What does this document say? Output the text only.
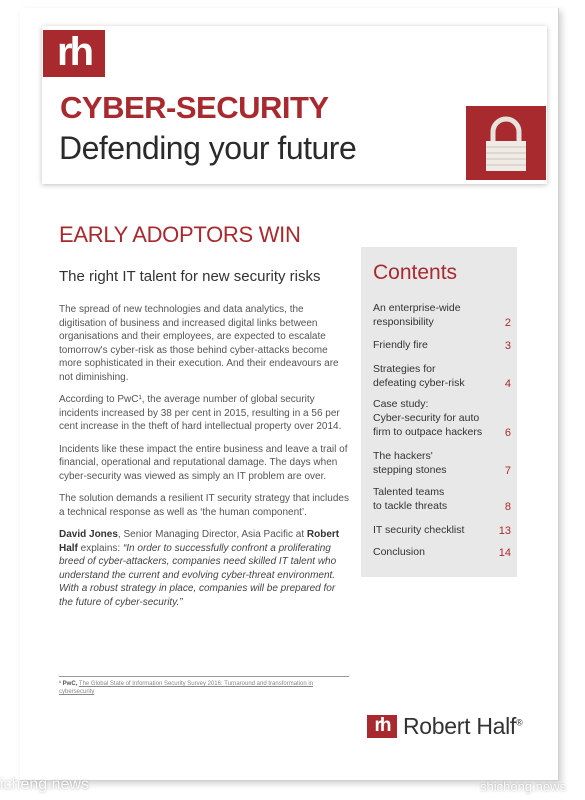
rh
CYBER-SECURITY
Defending your future
EARLY ADOPTORS WIN
The right IT talent for new security risks

The spread of new technologies and data analytics, the digitisation of business and increased digital links between organisations and their employees, are expected to escalate tomorrow's cyber-risk as those behind cyber-attacks become more sophisticated in their execution. And their endeavours are not diminishing.

According to PwC¹, the average number of global security incidents increased by 38 per cent in 2015, resulting in a 56 per cent increase in the theft of hard intellectual property over 2014.

Incidents like these impact the entire business and leave a trail of financial, operational and reputational damage. The days when cyber-security was viewed as simply an IT problem are over.

The solution demands a resilient IT security strategy that includes a technical response as well as ‘the human component’.

David Jones, Senior Managing Director, Asia Pacific at Robert Half explains: “In order to successfully confront a proliferating breed of cyber-attackers, companies need skilled IT talent who understand the current and evolving cyber-threat environment. With a robust strategy in place, companies will be prepared for the future of cyber-security.”

¹ PwC, The Global State of Information Security Survey 2016: Turnaround and transformation in cybersecurity
Contents
An enterprise-wide
responsibility	2
Friendly fire	3
Strategies for
defeating cyber-risk	4
Case study:
Cyber-security for auto firm to outpace hackers 6
The hackers'
stepping stones	7
Talented teams
to tackle threats	8
IT security checklist	13
Conclusion	14
rh Robert Half®
icheng.news	shicheng.news
